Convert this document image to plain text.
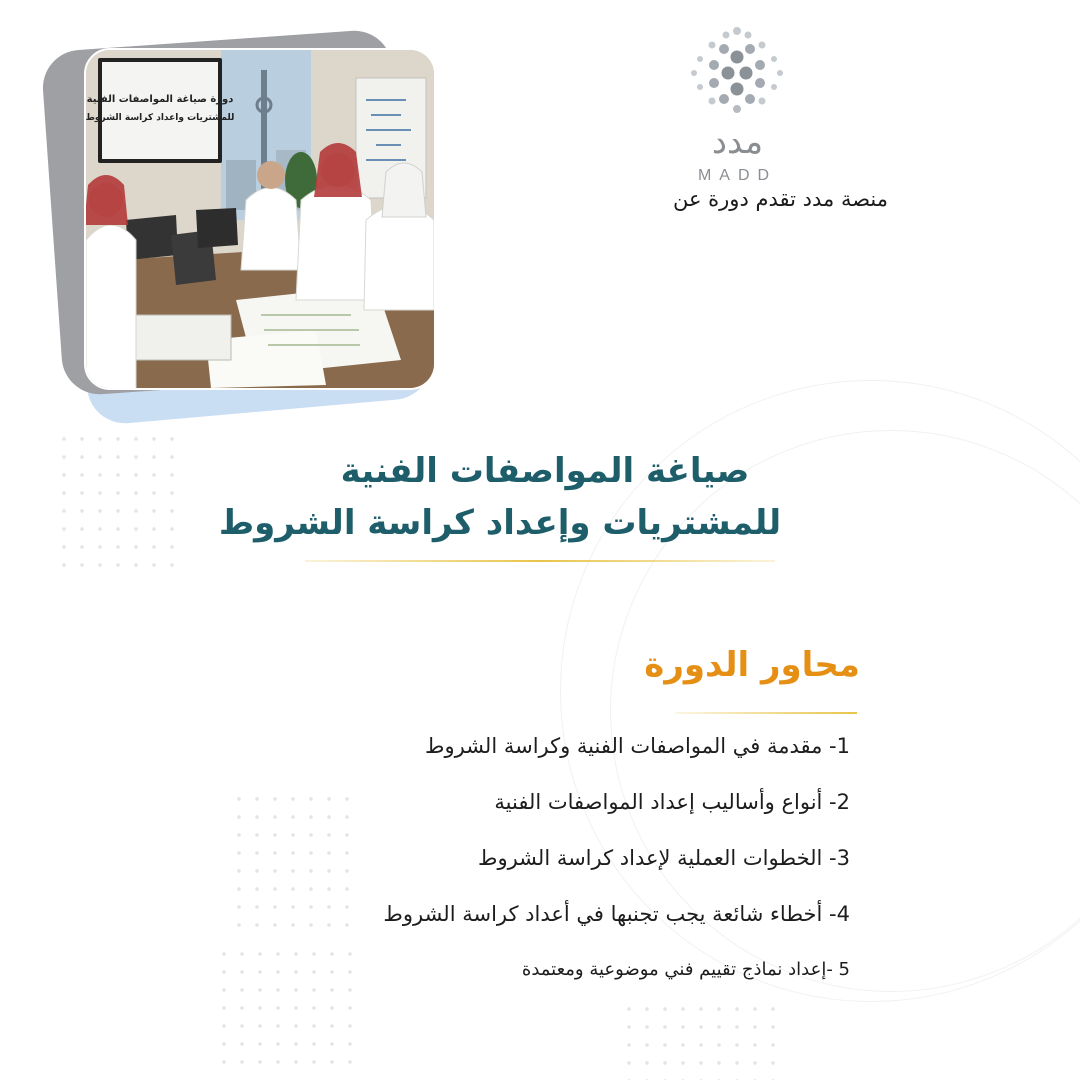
دورة صياغة المواصفات الفنية
للمشتريات واعداد كراسة الشروط
مدد
MADD
منصة مدد تقدم دورة عن
صياغة المواصفات الفنية
للمشتريات وإعداد كراسة الشروط
محاور الدورة
1- مقدمة في المواصفات الفنية وكراسة الشروط
2- أنواع وأساليب إعداد المواصفات الفنية
3- الخطوات العملية لإعداد كراسة الشروط
4- أخطاء شائعة يجب تجنبها في أعداد كراسة الشروط
5 -إعداد نماذج تقييم فني موضوعية ومعتمدة
